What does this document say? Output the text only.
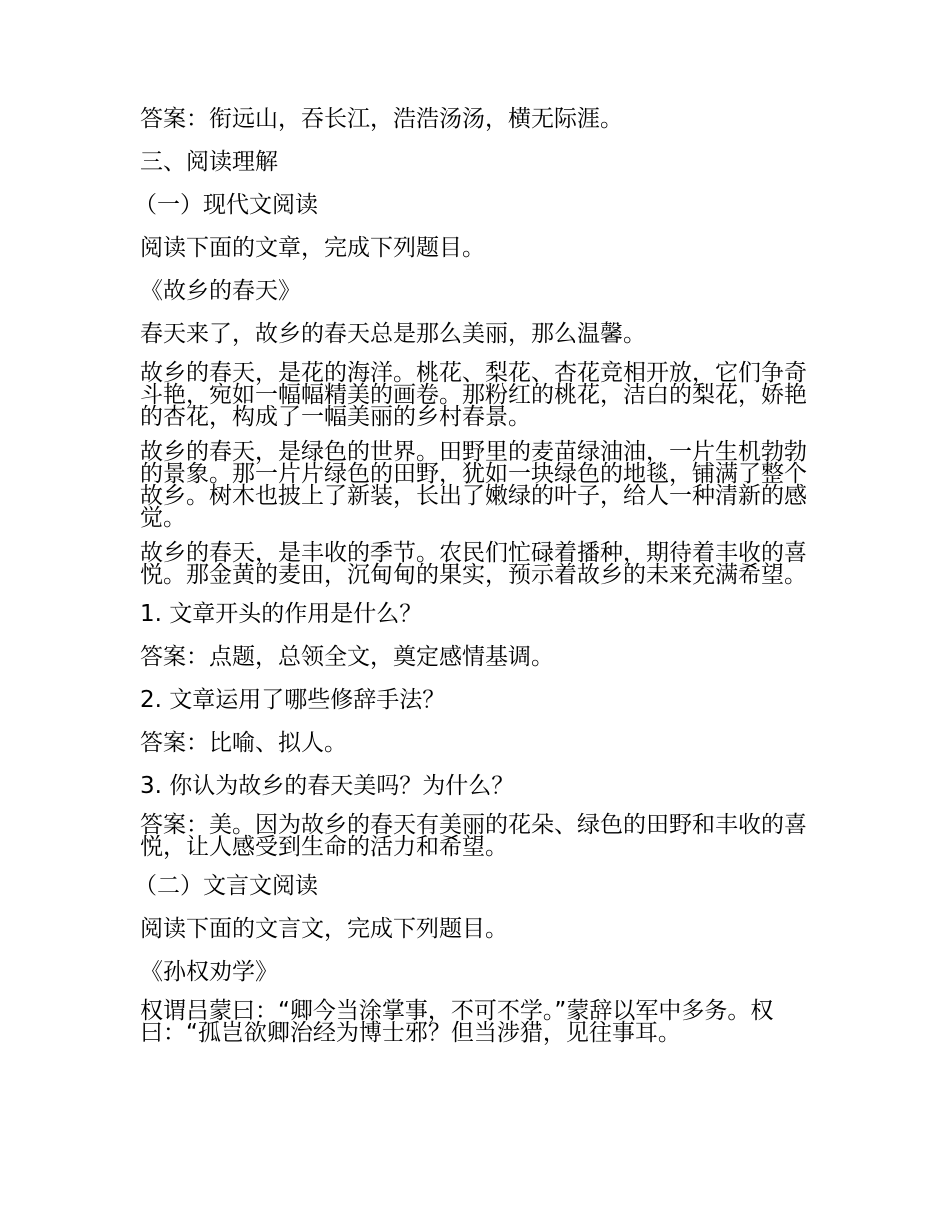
答案：衔远山，吞长江，浩浩汤汤，横无际涯。
三、阅读理解
（一）现代文阅读
阅读下面的文章，完成下列题目。
《故乡的春天》
春天来了，故乡的春天总是那么美丽，那么温馨。
故乡的春天，是花的海洋。桃花、梨花、杏花竞相开放，它们争奇斗艳，宛如一幅幅精美的画卷。那粉红的桃花，洁白的梨花，娇艳的杏花，构成了一幅美丽的乡村春景。
故乡的春天，是绿色的世界。田野里的麦苗绿油油，一片生机勃勃的景象。那一片片绿色的田野，犹如一块绿色的地毯，铺满了整个故乡。树木也披上了新装，长出了嫩绿的叶子，给人一种清新的感觉。
故乡的春天，是丰收的季节。农民们忙碌着播种，期待着丰收的喜悦。那金黄的麦田，沉甸甸的果实，预示着故乡的未来充满希望。
1. 文章开头的作用是什么？
答案：点题，总领全文，奠定感情基调。
2. 文章运用了哪些修辞手法？
答案：比喻、拟人。
3. 你认为故乡的春天美吗？为什么？
答案：美。因为故乡的春天有美丽的花朵、绿色的田野和丰收的喜悦，让人感受到生命的活力和希望。
（二）文言文阅读
阅读下面的文言文，完成下列题目。
《孙权劝学》
权谓吕蒙曰：“卿今当涂掌事，不可不学。”蒙辞以军中多务。权曰：“孤岂欲卿治经为博士邪？但当涉猎，见往事耳。
